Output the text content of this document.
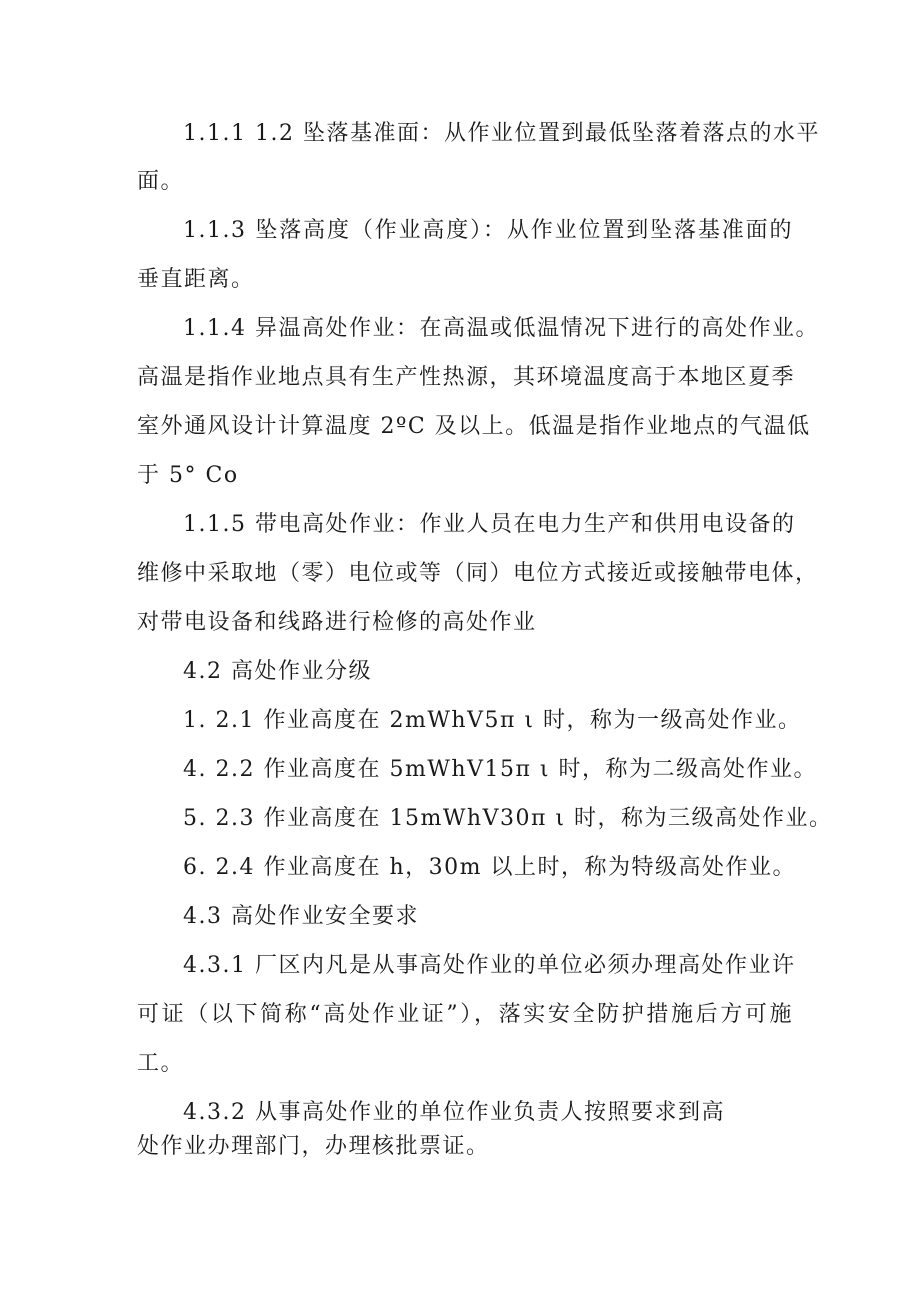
1.1.1 1.2 坠落基准面：从作业位置到最低坠落着落点的水平
面。
1.1.3 坠落高度（作业高度）：从作业位置到坠落基准面的
垂直距离。
1.1.4 异温高处作业：在高温或低温情况下进行的高处作业。
高温是指作业地点具有生产性热源，其环境温度高于本地区夏季
室外通风设计计算温度 2ºC 及以上。低温是指作业地点的气温低
于 5° Co
1.1.5 带电高处作业：作业人员在电力生产和供用电设备的
维修中采取地（零）电位或等（同）电位方式接近或接触带电体，
对带电设备和线路进行检修的高处作业
4.2 高处作业分级
1. 2.1 作业高度在 2mWhV5π ι 时，称为一级高处作业。
4. 2.2 作业高度在 5mWhV15π ι 时，称为二级高处作业。
5. 2.3 作业高度在 15mWhV30π ι 时，称为三级高处作业。
6. 2.4 作业高度在 h，30m 以上时，称为特级高处作业。
4.3 高处作业安全要求
4.3.1 厂区内凡是从事高处作业的单位必须办理高处作业许
可证（以下简称“高处作业证”），落实安全防护措施后方可施
工。
4.3.2 从事高处作业的单位作业负责人按照要求到高
处作业办理部门，办理核批票证。
